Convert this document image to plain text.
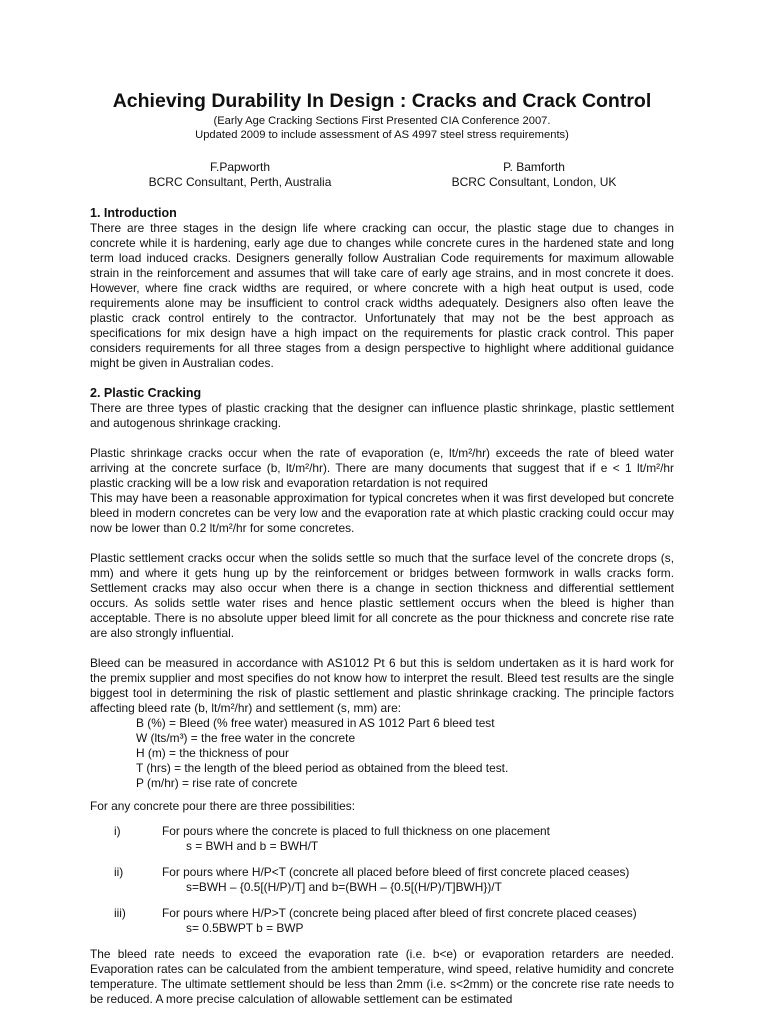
Achieving Durability In Design : Cracks and Crack Control
(Early Age Cracking Sections First Presented CIA Conference 2007.
Updated 2009 to include assessment of AS 4997 steel stress requirements)
F.Papworth
BCRC Consultant, Perth, Australia
P. Bamforth
BCRC Consultant, London, UK
1. Introduction

There are three stages in the design life where cracking can occur, the plastic stage due to changes in concrete while it is hardening, early age due to changes while concrete cures in the hardened state and long term load induced cracks. Designers generally follow Australian Code requirements for maximum allowable strain in the reinforcement and assumes that will take care of early age strains, and in most concrete it does. However, where fine crack widths are required, or where concrete with a high heat output is used, code requirements alone may be insufficient to control crack widths adequately. Designers also often leave the plastic crack control entirely to the contractor. Unfortunately that may not be the best approach as specifications for mix design have a high impact on the requirements for plastic crack control. This paper considers requirements for all three stages from a design perspective to highlight where additional guidance might be given in Australian codes.

2. Plastic Cracking

There are three types of plastic cracking that the designer can influence plastic shrinkage, plastic settlement and autogenous shrinkage cracking.

Plastic shrinkage cracks occur when the rate of evaporation (e, lt/m²/hr) exceeds the rate of bleed water arriving at the concrete surface (b, lt/m²/hr). There are many documents that suggest that if e < 1 lt/m²/hr plastic cracking will be a low risk and evaporation retardation is not required

This may have been a reasonable approximation for typical concretes when it was first developed but concrete bleed in modern concretes can be very low and the evaporation rate at which plastic cracking could occur may now be lower than 0.2 lt/m²/hr for some concretes.

Plastic settlement cracks occur when the solids settle so much that the surface level of the concrete drops (s, mm) and where it gets hung up by the reinforcement or bridges between formwork in walls cracks form. Settlement cracks may also occur when there is a change in section thickness and differential settlement occurs. As solids settle water rises and hence plastic settlement occurs when the bleed is higher than acceptable. There is no absolute upper bleed limit for all concrete as the pour thickness and concrete rise rate are also strongly influential.

Bleed can be measured in accordance with AS1012 Pt 6 but this is seldom undertaken as it is hard work for the premix supplier and most specifies do not know how to interpret the result. Bleed test results are the single biggest tool in determining the risk of plastic settlement and plastic shrinkage cracking. The principle factors affecting bleed rate (b, lt/m²/hr) and settlement (s, mm) are:

B (%) = Bleed (% free water) measured in AS 1012 Part 6 bleed test
W (lts/m³) = the free water in the concrete
H (m) = the thickness of pour
T (hrs) = the length of the bleed period as obtained from the bleed test.
P (m/hr) = rise rate of concrete

For any concrete pour there are three possibilities:

i)	For pours where the concrete is placed to full thickness on one placement
s = BWH and b = BWH/T
ii)	For pours where H/P<T (concrete all placed before bleed of first concrete placed ceases)
s=BWH – {0.5[(H/P)/T] and b=(BWH – {0.5[(H/P)/T]BWH})/T
iii)	For pours where H/P>T (concrete being placed after bleed of first concrete placed ceases)
s= 0.5BWPT b = BWP

The bleed rate needs to exceed the evaporation rate (i.e. b<e) or evaporation retarders are needed. Evaporation rates can be calculated from the ambient temperature, wind speed, relative humidity and concrete temperature. The ultimate settlement should be less than 2mm (i.e. s<2mm) or the concrete rise rate needs to be reduced. A more precise calculation of allowable settlement can be estimated
